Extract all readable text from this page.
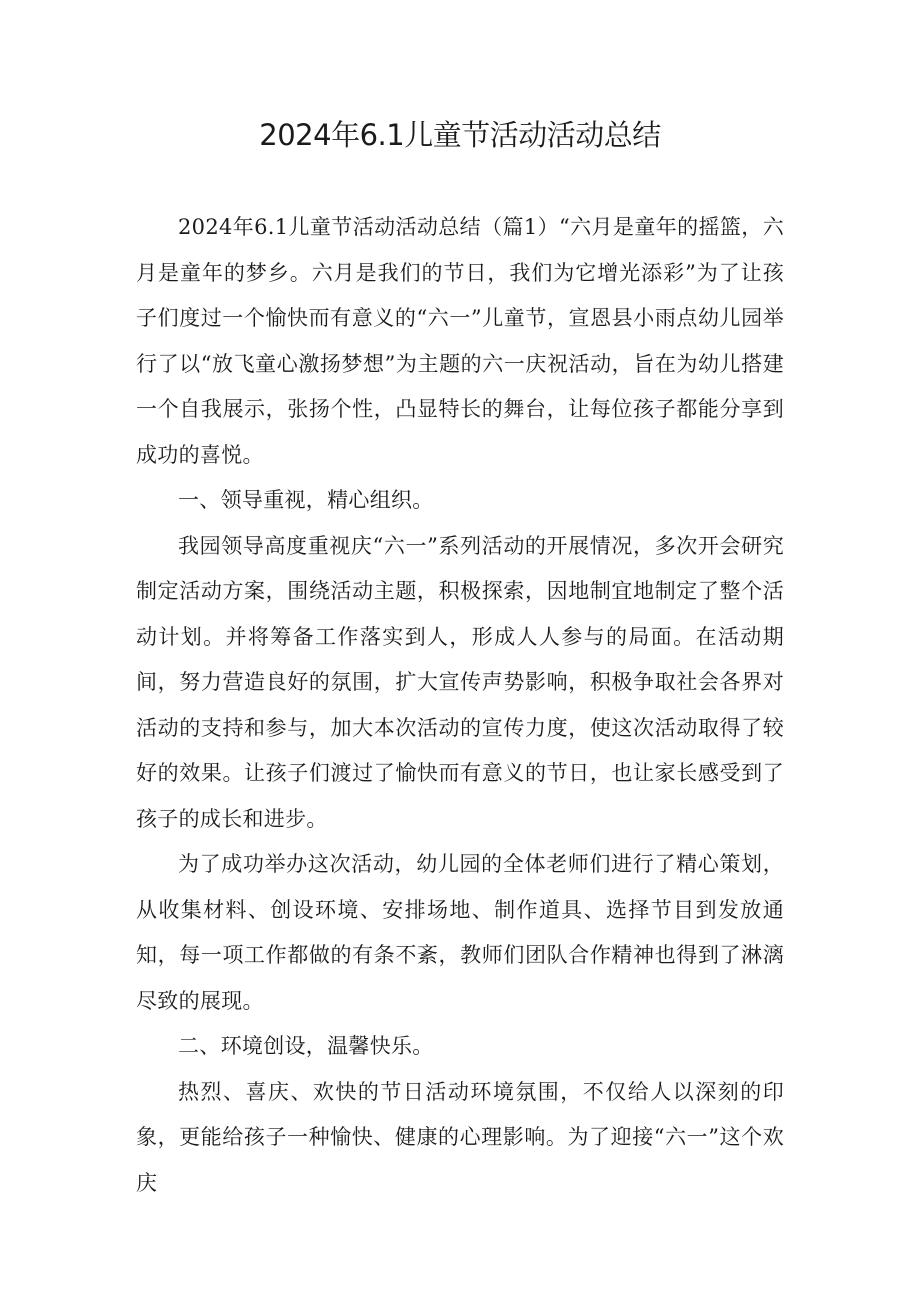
2024年6.1儿童节活动活动总结

2024年6.1儿童节活动活动总结（篇1）“六月是童年的摇篮，六月是童年的梦乡。六月是我们的节日，我们为它增光添彩”为了让孩子们度过一个愉快而有意义的“六一”儿童节，宣恩县小雨点幼儿园举行了以“放飞童心激扬梦想”为主题的六一庆祝活动，旨在为幼儿搭建一个自我展示，张扬个性，凸显特长的舞台，让每位孩子都能分享到成功的喜悦。

一、领导重视，精心组织。

我园领导高度重视庆“六一”系列活动的开展情况，多次开会研究制定活动方案，围绕活动主题，积极探索，因地制宜地制定了整个活动计划。并将筹备工作落实到人，形成人人参与的局面。在活动期间，努力营造良好的氛围，扩大宣传声势影响，积极争取社会各界对活动的支持和参与，加大本次活动的宣传力度，使这次活动取得了较好的效果。让孩子们渡过了愉快而有意义的节日，也让家长感受到了孩子的成长和进步。

为了成功举办这次活动，幼儿园的全体老师们进行了精心策划，从收集材料、创设环境、安排场地、制作道具、选择节目到发放通知，每一项工作都做的有条不紊，教师们团队合作精神也得到了淋漓尽致的展现。

二、环境创设，温馨快乐。

热烈、喜庆、欢快的节日活动环境氛围，不仅给人以深刻的印象，更能给孩子一种愉快、健康的心理影响。为了迎接“六一”这个欢庆
